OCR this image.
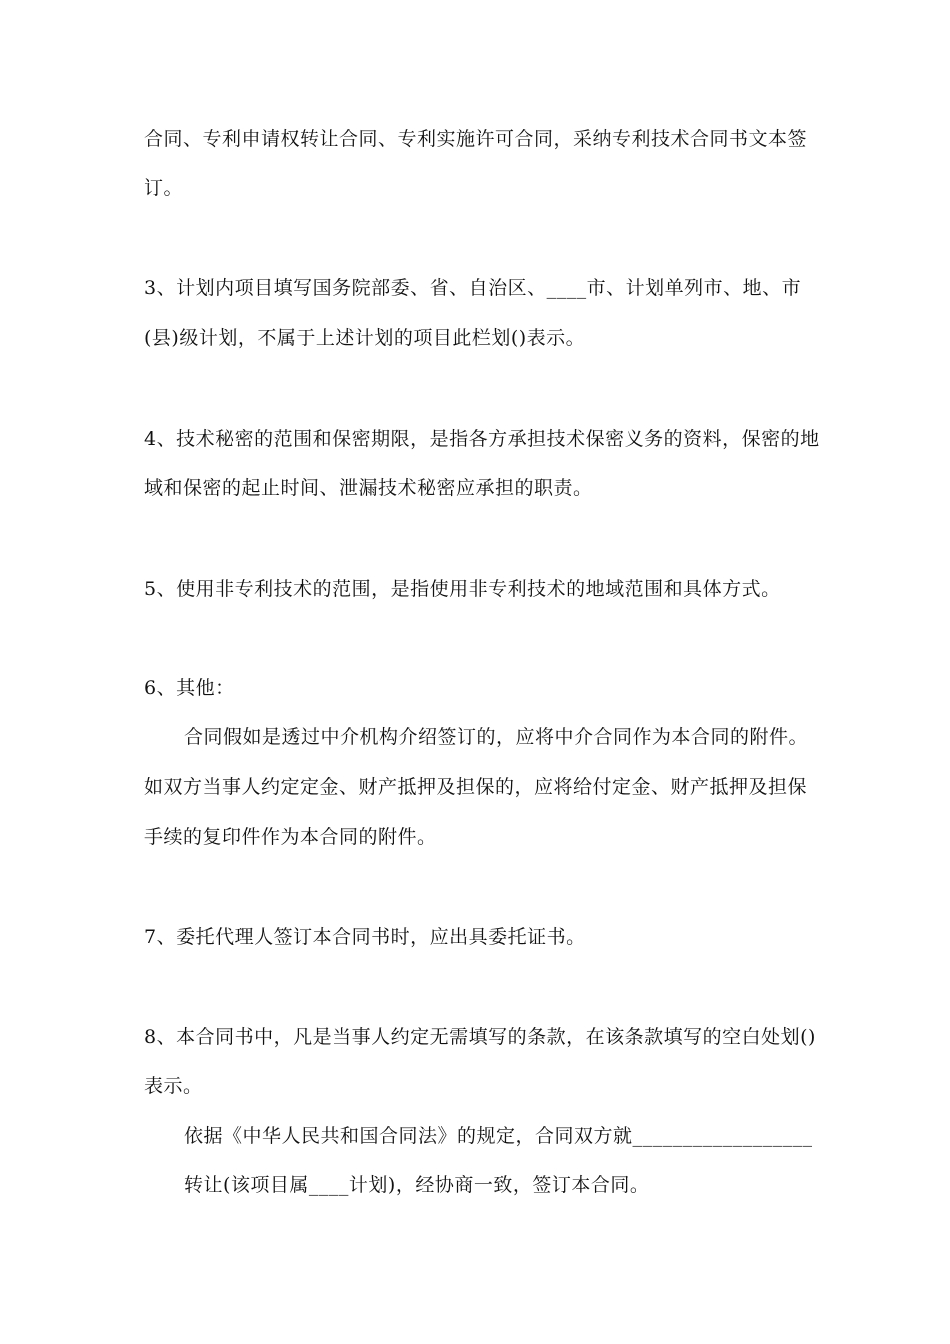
合同、专利申请权转让合同、专利实施许可合同，采纳专利技术合同书文本签
订。
3、计划内项目填写国务院部委、省、自治区、____市、计划单列市、地、市
(县)级计划，不属于上述计划的项目此栏划()表示。
4、技术秘密的范围和保密期限，是指各方承担技术保密义务的资料，保密的地
域和保密的起止时间、泄漏技术秘密应承担的职责。
5、使用非专利技术的范围，是指使用非专利技术的地域范围和具体方式。
6、其他：
合同假如是透过中介机构介绍签订的，应将中介合同作为本合同的附件。
如双方当事人约定定金、财产抵押及担保的，应将给付定金、财产抵押及担保
手续的复印件作为本合同的附件。
7、委托代理人签订本合同书时，应出具委托证书。
8、本合同书中，凡是当事人约定无需填写的条款，在该条款填写的空白处划()
表示。
依据《中华人民共和国合同法》的规定，合同双方就__________________
转让(该项目属____计划)，经协商一致，签订本合同。
